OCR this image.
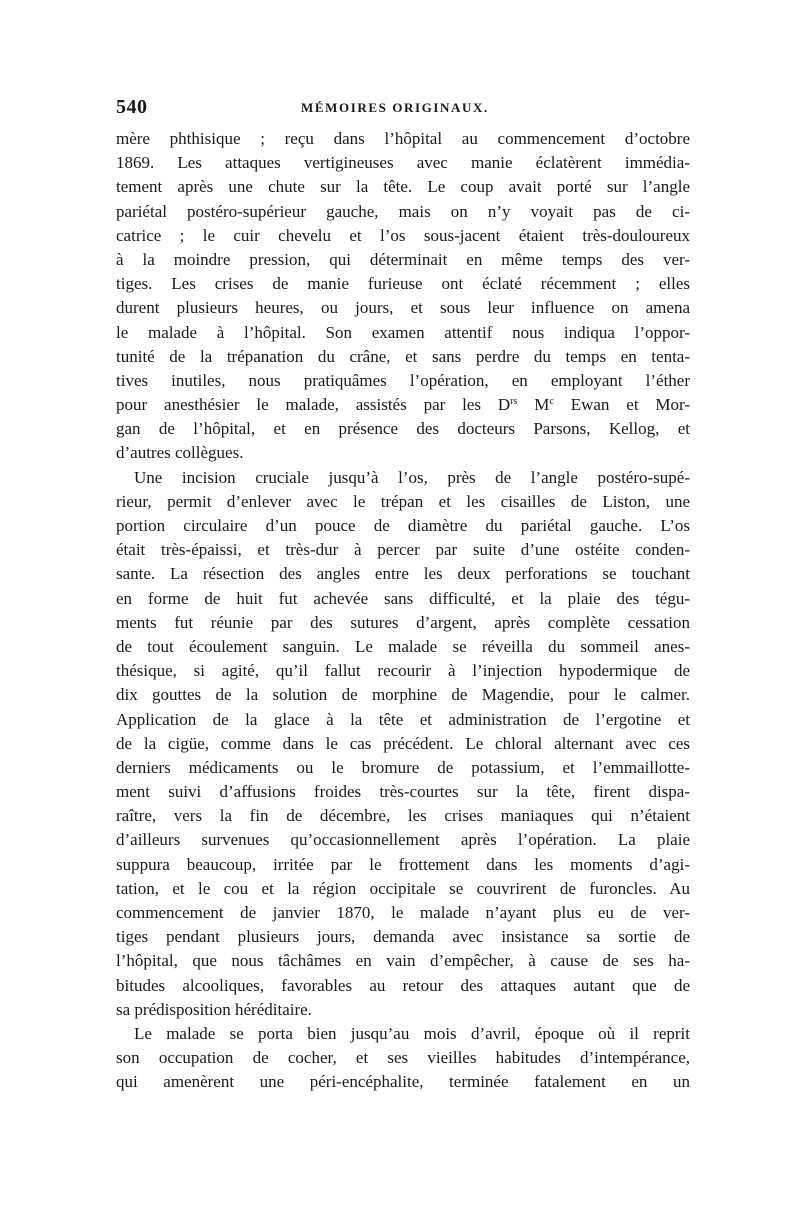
540	MÉMOIRES ORIGINAUX.
mère phthisique ; reçu dans l’hôpital au commencement d’octobre
1869. Les attaques vertigineuses avec manie éclatèrent immédia-
tement après une chute sur la tête. Le coup avait porté sur l’angle
pariétal postéro-supérieur gauche, mais on n’y voyait pas de ci-
catrice ; le cuir chevelu et l’os sous-jacent étaient très-douloureux
à la moindre pression, qui déterminait en même temps des ver-
tiges. Les crises de manie furieuse ont éclaté récemment ; elles
durent plusieurs heures, ou jours, et sous leur influence on amena
le malade à l’hôpital. Son examen attentif nous indiqua l’oppor-
tunité de la trépanation du crâne, et sans perdre du temps en tenta-
tives inutiles, nous pratiquâmes l’opération, en employant l’éther
pour anesthésier le malade, assistés par les $D^{rs}$ $M^c$ Ewan et Mor-
gan de l’hôpital, et en présence des docteurs Parsons, Kellog, et
d’autres collègues.
Une incision cruciale jusqu’à l’os, près de l’angle postéro-supé-
rieur, permit d’enlever avec le trépan et les cisailles de Liston, une
portion circulaire d’un pouce de diamètre du pariétal gauche. L’os
était très-épaissi, et très-dur à percer par suite d’une ostéite conden-
sante. La résection des angles entre les deux perforations se touchant
en forme de huit fut achevée sans difficulté, et la plaie des tégu-
ments fut réunie par des sutures d’argent, après complète cessation
de tout écoulement sanguin. Le malade se réveilla du sommeil anes-
thésique, si agité, qu’il fallut recourir à l’injection hypodermique de
dix gouttes de la solution de morphine de Magendie, pour le calmer.
Application de la glace à la tête et administration de l’ergotine et
de la cigüe, comme dans le cas précédent. Le chloral alternant avec ces
derniers médicaments ou le bromure de potassium, et l’emmaillotte-
ment suivi d’affusions froides très-courtes sur la tête, firent dispa-
raître, vers la fin de décembre, les crises maniaques qui n’étaient
d’ailleurs survenues qu’occasionnellement après l’opération. La plaie
suppura beaucoup, irritée par le frottement dans les moments d’agi-
tation, et le cou et la région occipitale se couvrirent de furoncles. Au
commencement de janvier 1870, le malade n’ayant plus eu de ver-
tiges pendant plusieurs jours, demanda avec insistance sa sortie de
l’hôpital, que nous tâchâmes en vain d’empêcher, à cause de ses ha-
bitudes alcooliques, favorables au retour des attaques autant que de
sa prédisposition héréditaire.
Le malade se porta bien jusqu’au mois d’avril, époque où il reprit
son occupation de cocher, et ses vieilles habitudes d’intempérance,
qui amenèrent une péri-encéphalite, terminée fatalement en un
